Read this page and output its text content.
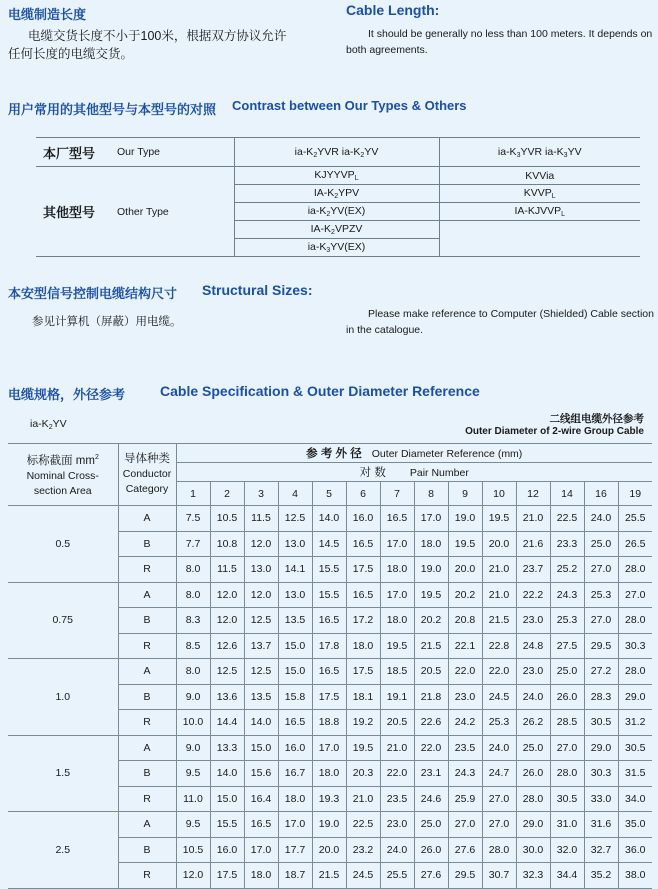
电缆制造长度
电缆交货长度不小于100米，根据双方协议允许
任何长度的电缆交货。
Cable Length:
It should be generally no less than 100 meters. It depends on
both agreements.
用户常用的其他型号与本型号的对照 Contrast between Our Types & Others
本厂型号	Our Type	$ia-K_2YVR$ $ia-K_2YV$	$ia-K_3YVR$ $ia-K_3YV$
其他型号	Other Type	$KJYYVP_L$	KVVia
		$IA-K_2YPV$	$KVVP_L$
		$ia-K_2YV(EX)$	$IA-KJVVP_L$
		$IA-K_2VPZV$	
		$ia-K_3YV(EX)$	
本安型信号控制电缆结构尺寸 Structural Sizes:
参见计算机（屏蔽）用电缆。
Please make reference to Computer (Shielded) Cable section
in the catalogue.
电缆规格，外径参考 Cable Specification & Outer Diameter Reference
$ia-K_2YV$	二线组电缆外径参考
Outer Diameter of 2-wire Group Cable
标称截面 $mm^2$
Nominal Cross-
section Area	导体种类
Conductor
Category	参 考 外 径 Outer Diameter Reference (mm)													
		对 数 Pair Number													
		1	2	3	4	5	6	7	8	9	10	12	14	16	19
0.5	A	7.5	10.5	11.5	12.5	14.0	16.0	16.5	17.0	19.0	19.5	21.0	22.5	24.0	25.5
	B	7.7	10.8	12.0	13.0	14.5	16.5	17.0	18.0	19.5	20.0	21.6	23.3	25.0	26.5
	R	8.0	11.5	13.0	14.1	15.5	17.5	18.0	19.0	20.0	21.0	23.7	25.2	27.0	28.0
0.75	A	8.0	12.0	12.0	13.0	15.5	16.5	17.0	19.5	20.2	21.0	22.2	24.3	25.3	27.0
	B	8.3	12.0	12.5	13.5	16.5	17.2	18.0	20.2	20.8	21.5	23.0	25.3	27.0	28.0
	R	8.5	12.6	13.7	15.0	17.8	18.0	19.5	21.5	22.1	22.8	24.8	27.5	29.5	30.3
1.0	A	8.0	12.5	12.5	15.0	16.5	17.5	18.5	20.5	22.0	22.0	23.0	25.0	27.2	28.0
	B	9.0	13.6	13.5	15.8	17.5	18.1	19.1	21.8	23.0	24.5	24.0	26.0	28.3	29.0
	R	10.0	14.4	14.0	16.5	18.8	19.2	20.5	22.6	24.2	25.3	26.2	28.5	30.5	31.2
1.5	A	9.0	13.3	15.0	16.0	17.0	19.5	21.0	22.0	23.5	24.0	25.0	27.0	29.0	30.5
	B	9.5	14.0	15.6	16.7	18.0	20.3	22.0	23.1	24.3	24.7	26.0	28.0	30.3	31.5
	R	11.0	15.0	16.4	18.0	19.3	21.0	23.5	24.6	25.9	27.0	28.0	30.5	33.0	34.0
2.5	A	9.5	15.5	16.5	17.0	19.0	22.5	23.0	25.0	27.0	27.0	29.0	31.0	31.6	35.0
	B	10.5	16.0	17.0	17.7	20.0	23.2	24.0	26.0	27.6	28.0	30.0	32.0	32.7	36.0
	R	12.0	17.5	18.0	18.7	21.5	24.5	25.5	27.6	29.5	30.7	32.3	34.4	35.2	38.0
